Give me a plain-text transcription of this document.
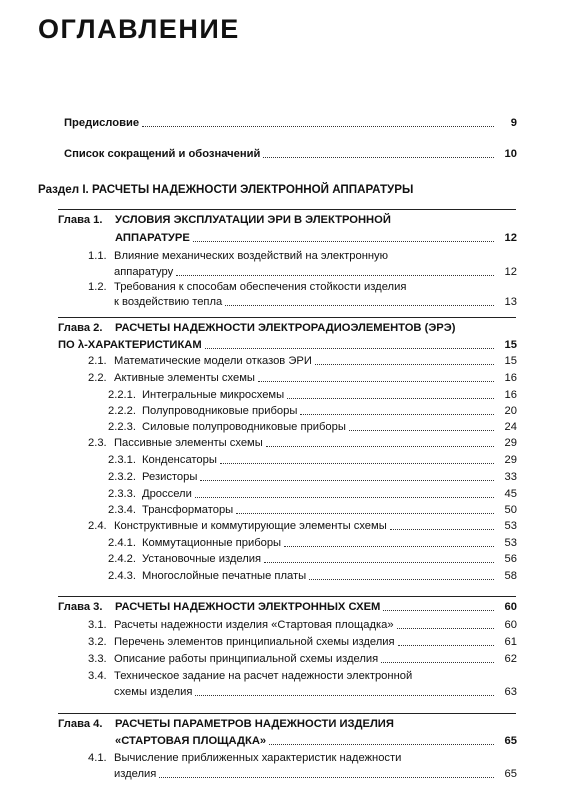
ОГЛАВЛЕНИЕ
Предисловие	9
Список сокращений и обозначений	10
Раздел I. РАСЧЕТЫ НАДЕЖНОСТИ ЭЛЕКТРОННОЙ АППАРАТУРЫ
Глава 1.	УСЛОВИЯ ЭКСПЛУАТАЦИИ ЭРИ В ЭЛЕКТРОННОЙ
АППАРАТУРЕ	12
1.1. Влияние механических воздействий на электронную
аппаратуру	12
1.2. Требования к способам обеспечения стойкости изделия
к воздействию тепла	13
Глава 2.	РАСЧЕТЫ НАДЕЖНОСТИ ЭЛЕКТРОРАДИОЭЛЕМЕНТОВ (ЭРЭ)
ПО λ-ХАРАКТЕРИСТИКАМ	15
2.1. Математические модели отказов ЭРИ	15
2.2. Активные элементы схемы	16
2.2.1. Интегральные микросхемы	16
2.2.2. Полупроводниковые приборы	20
2.2.3. Силовые полупроводниковые приборы	24
2.3. Пассивные элементы схемы	29
2.3.1. Конденсаторы	29
2.3.2. Резисторы	33
2.3.3. Дроссели	45
2.3.4. Трансформаторы	50
2.4. Конструктивные и коммутирующие элементы схемы	53
2.4.1. Коммутационные приборы	53
2.4.2. Установочные изделия	56
2.4.3. Многослойные печатные платы	58
Глава 3.	РАСЧЕТЫ НАДЕЖНОСТИ ЭЛЕКТРОННЫХ СХЕМ	60
3.1. Расчеты надежности изделия «Стартовая площадка»	60
3.2. Перечень элементов принципиальной схемы изделия	61
3.3. Описание работы принципиальной схемы изделия	62
3.4. Техническое задание на расчет надежности электронной
схемы изделия	63
Глава 4.	РАСЧЕТЫ ПАРАМЕТРОВ НАДЕЖНОСТИ ИЗДЕЛИЯ
«СТАРТОВАЯ ПЛОЩАДКА»	65
4.1. Вычисление приближенных характеристик надежности
изделия	65
